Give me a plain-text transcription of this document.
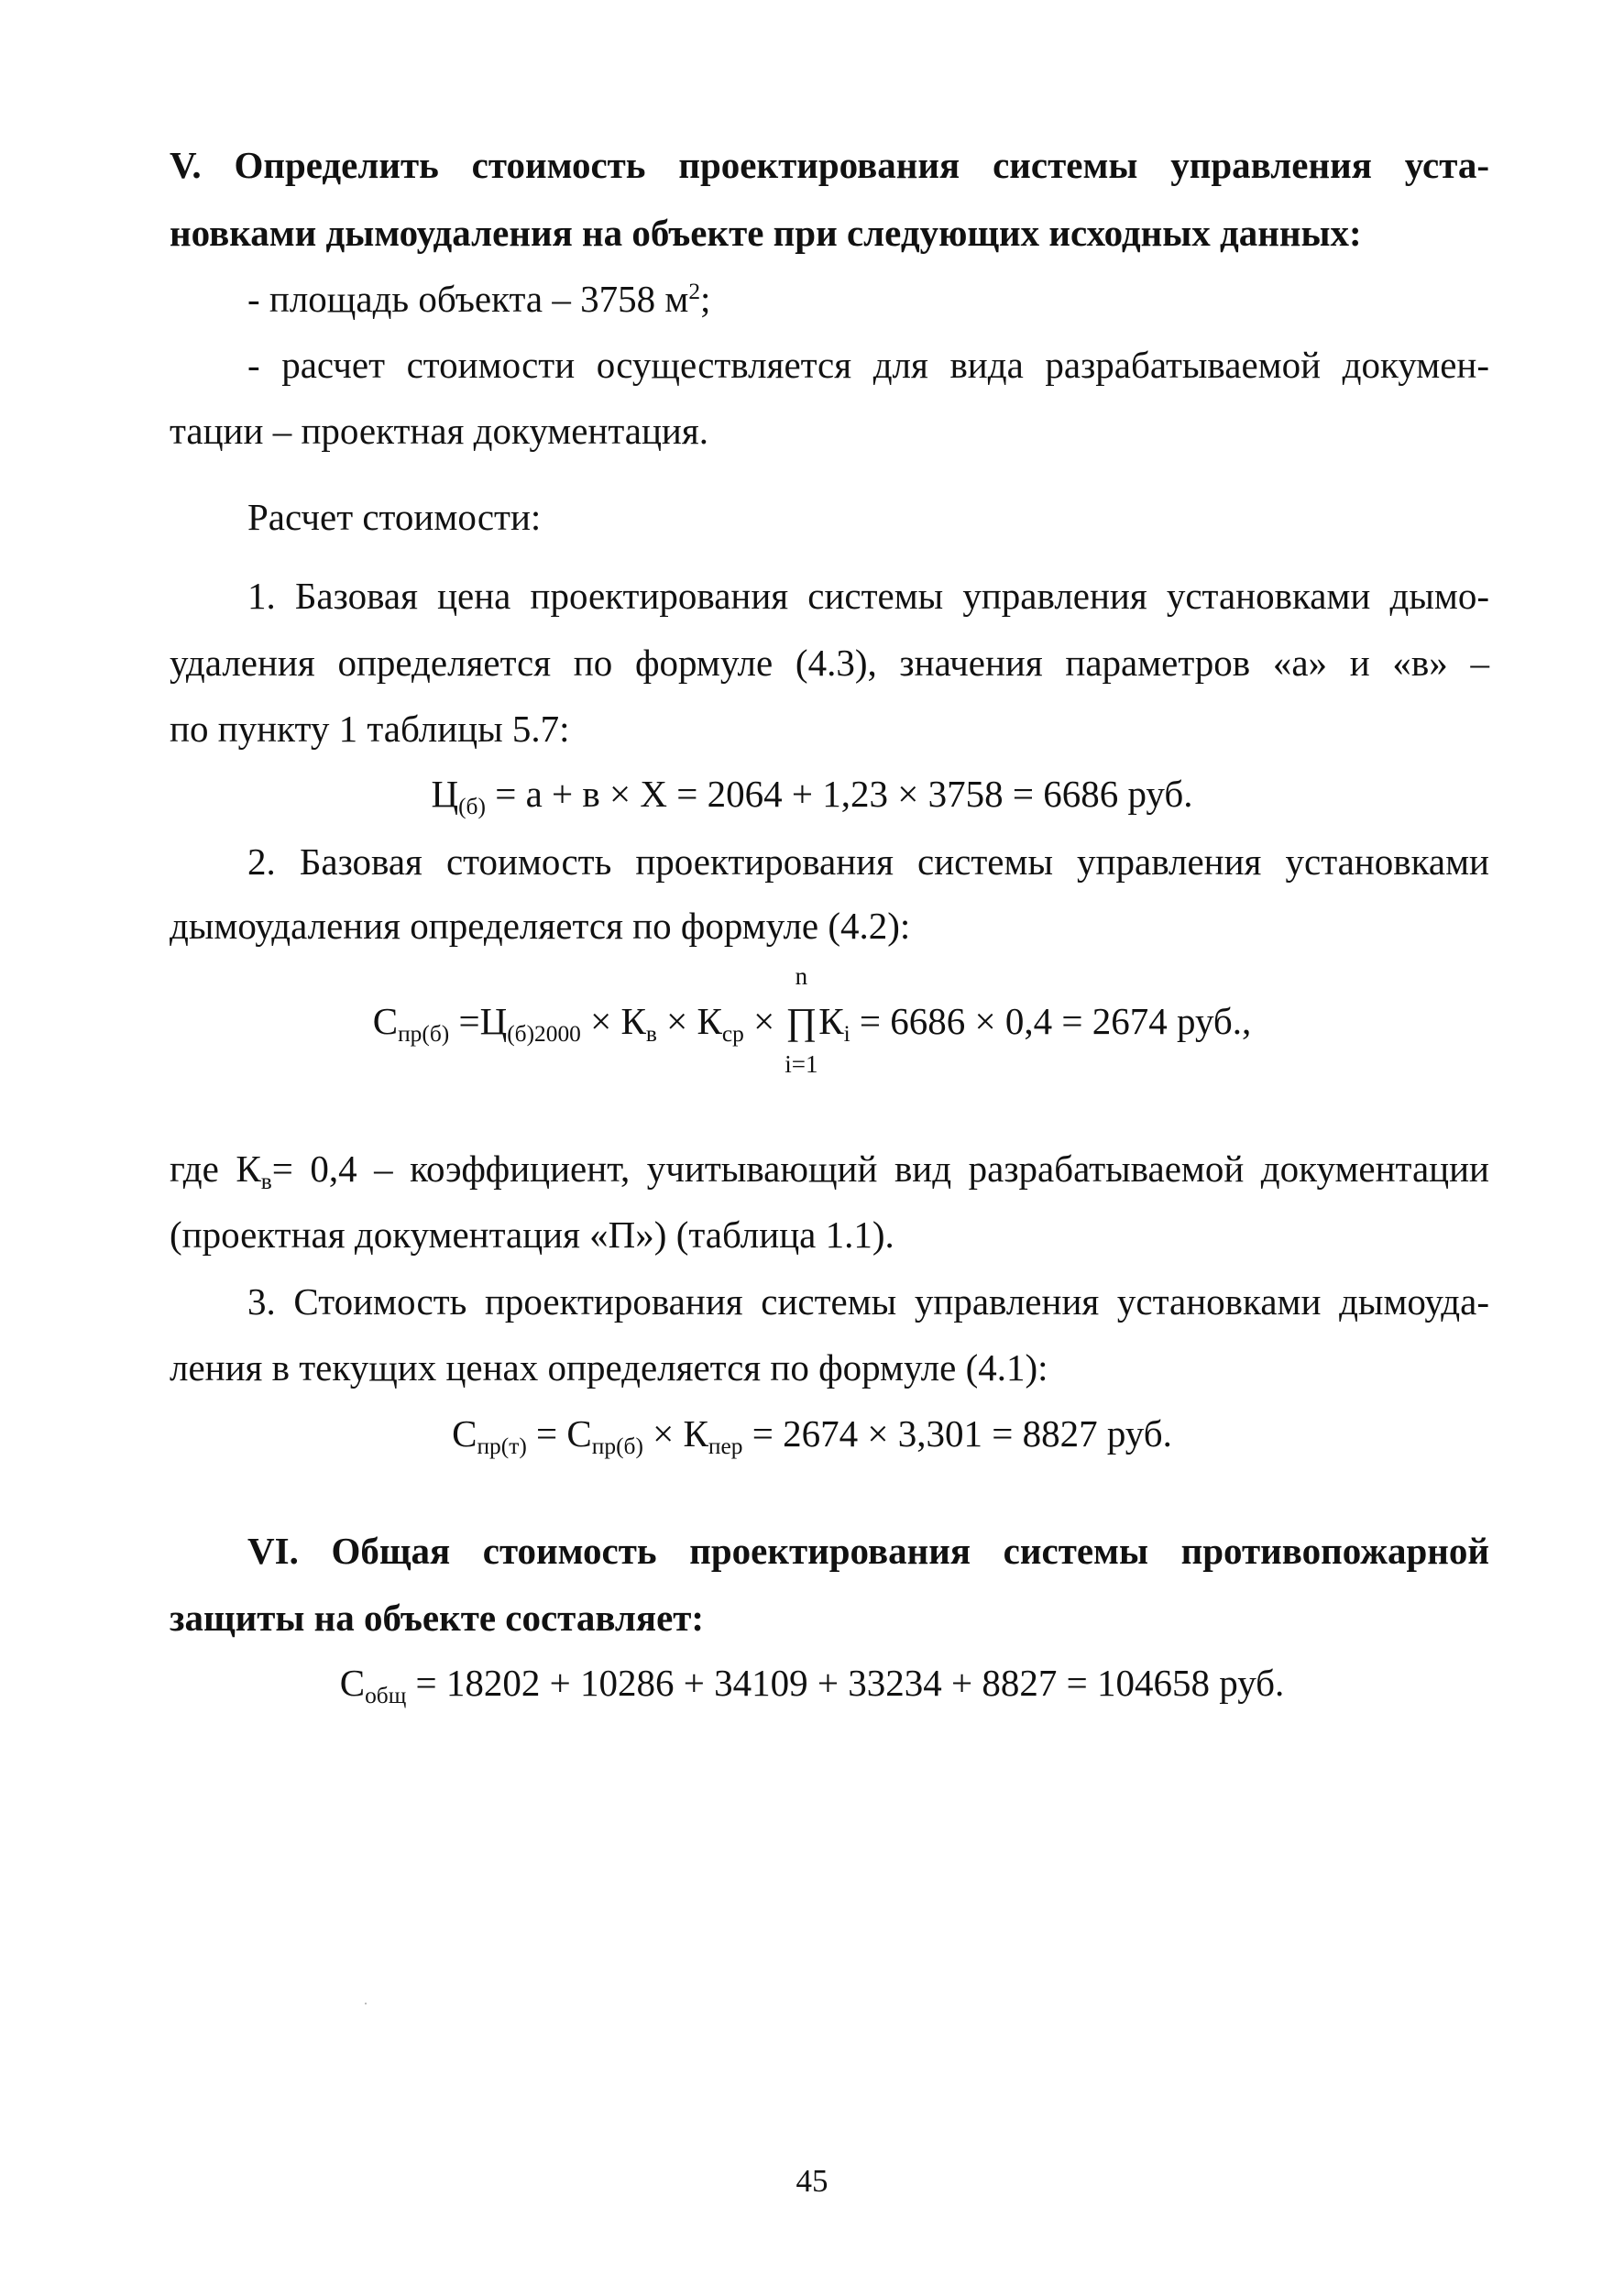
V. Определить стоимость проектирования системы управления уста-
новками дымоудаления на объекте при следующих исходных данных:
- площадь объекта – 3758 $м^2$;
- расчет стоимости осуществляется для вида разрабатываемой докумен-
тации – проектная документация.
Расчет стоимости:
1. Базовая цена проектирования системы управления установками дымо-
удаления определяется по формуле (4.3), значения параметров «а» и «в» –
по пункту 1 таблицы 5.7:
$Ц_{(б)} = а + в \times Х = 2064 + 1,23 \times 3758 = 6686$ руб.
2. Базовая стоимость проектирования системы управления установками
дымоудаления определяется по формуле (4.2):
$С_{пр(б)} =Ц_{(б)2000} \times К_в \times К_{ср}$ ×
n
∏
i=1
$К_i = 6686 \times 0,4 = 2674$ руб.,
где $К_в= 0,4$ – коэффициент, учитывающий вид разрабатываемой документации
(проектная документация «П») (таблица 1.1).
3. Стоимость проектирования системы управления установками дымоуда-
ления в текущих ценах определяется по формуле (4.1):
$С_{пр(т)} = С_{пр(б)} \times К_{пер} = 2674 \times 3,301 = 8827$ руб.
VI. Общая стоимость проектирования системы противопожарной
защиты на объекте составляет:
$С_{общ} = 18202 + 10286 + 34109 + 33234 + 8827 = 104658$ руб.
45
